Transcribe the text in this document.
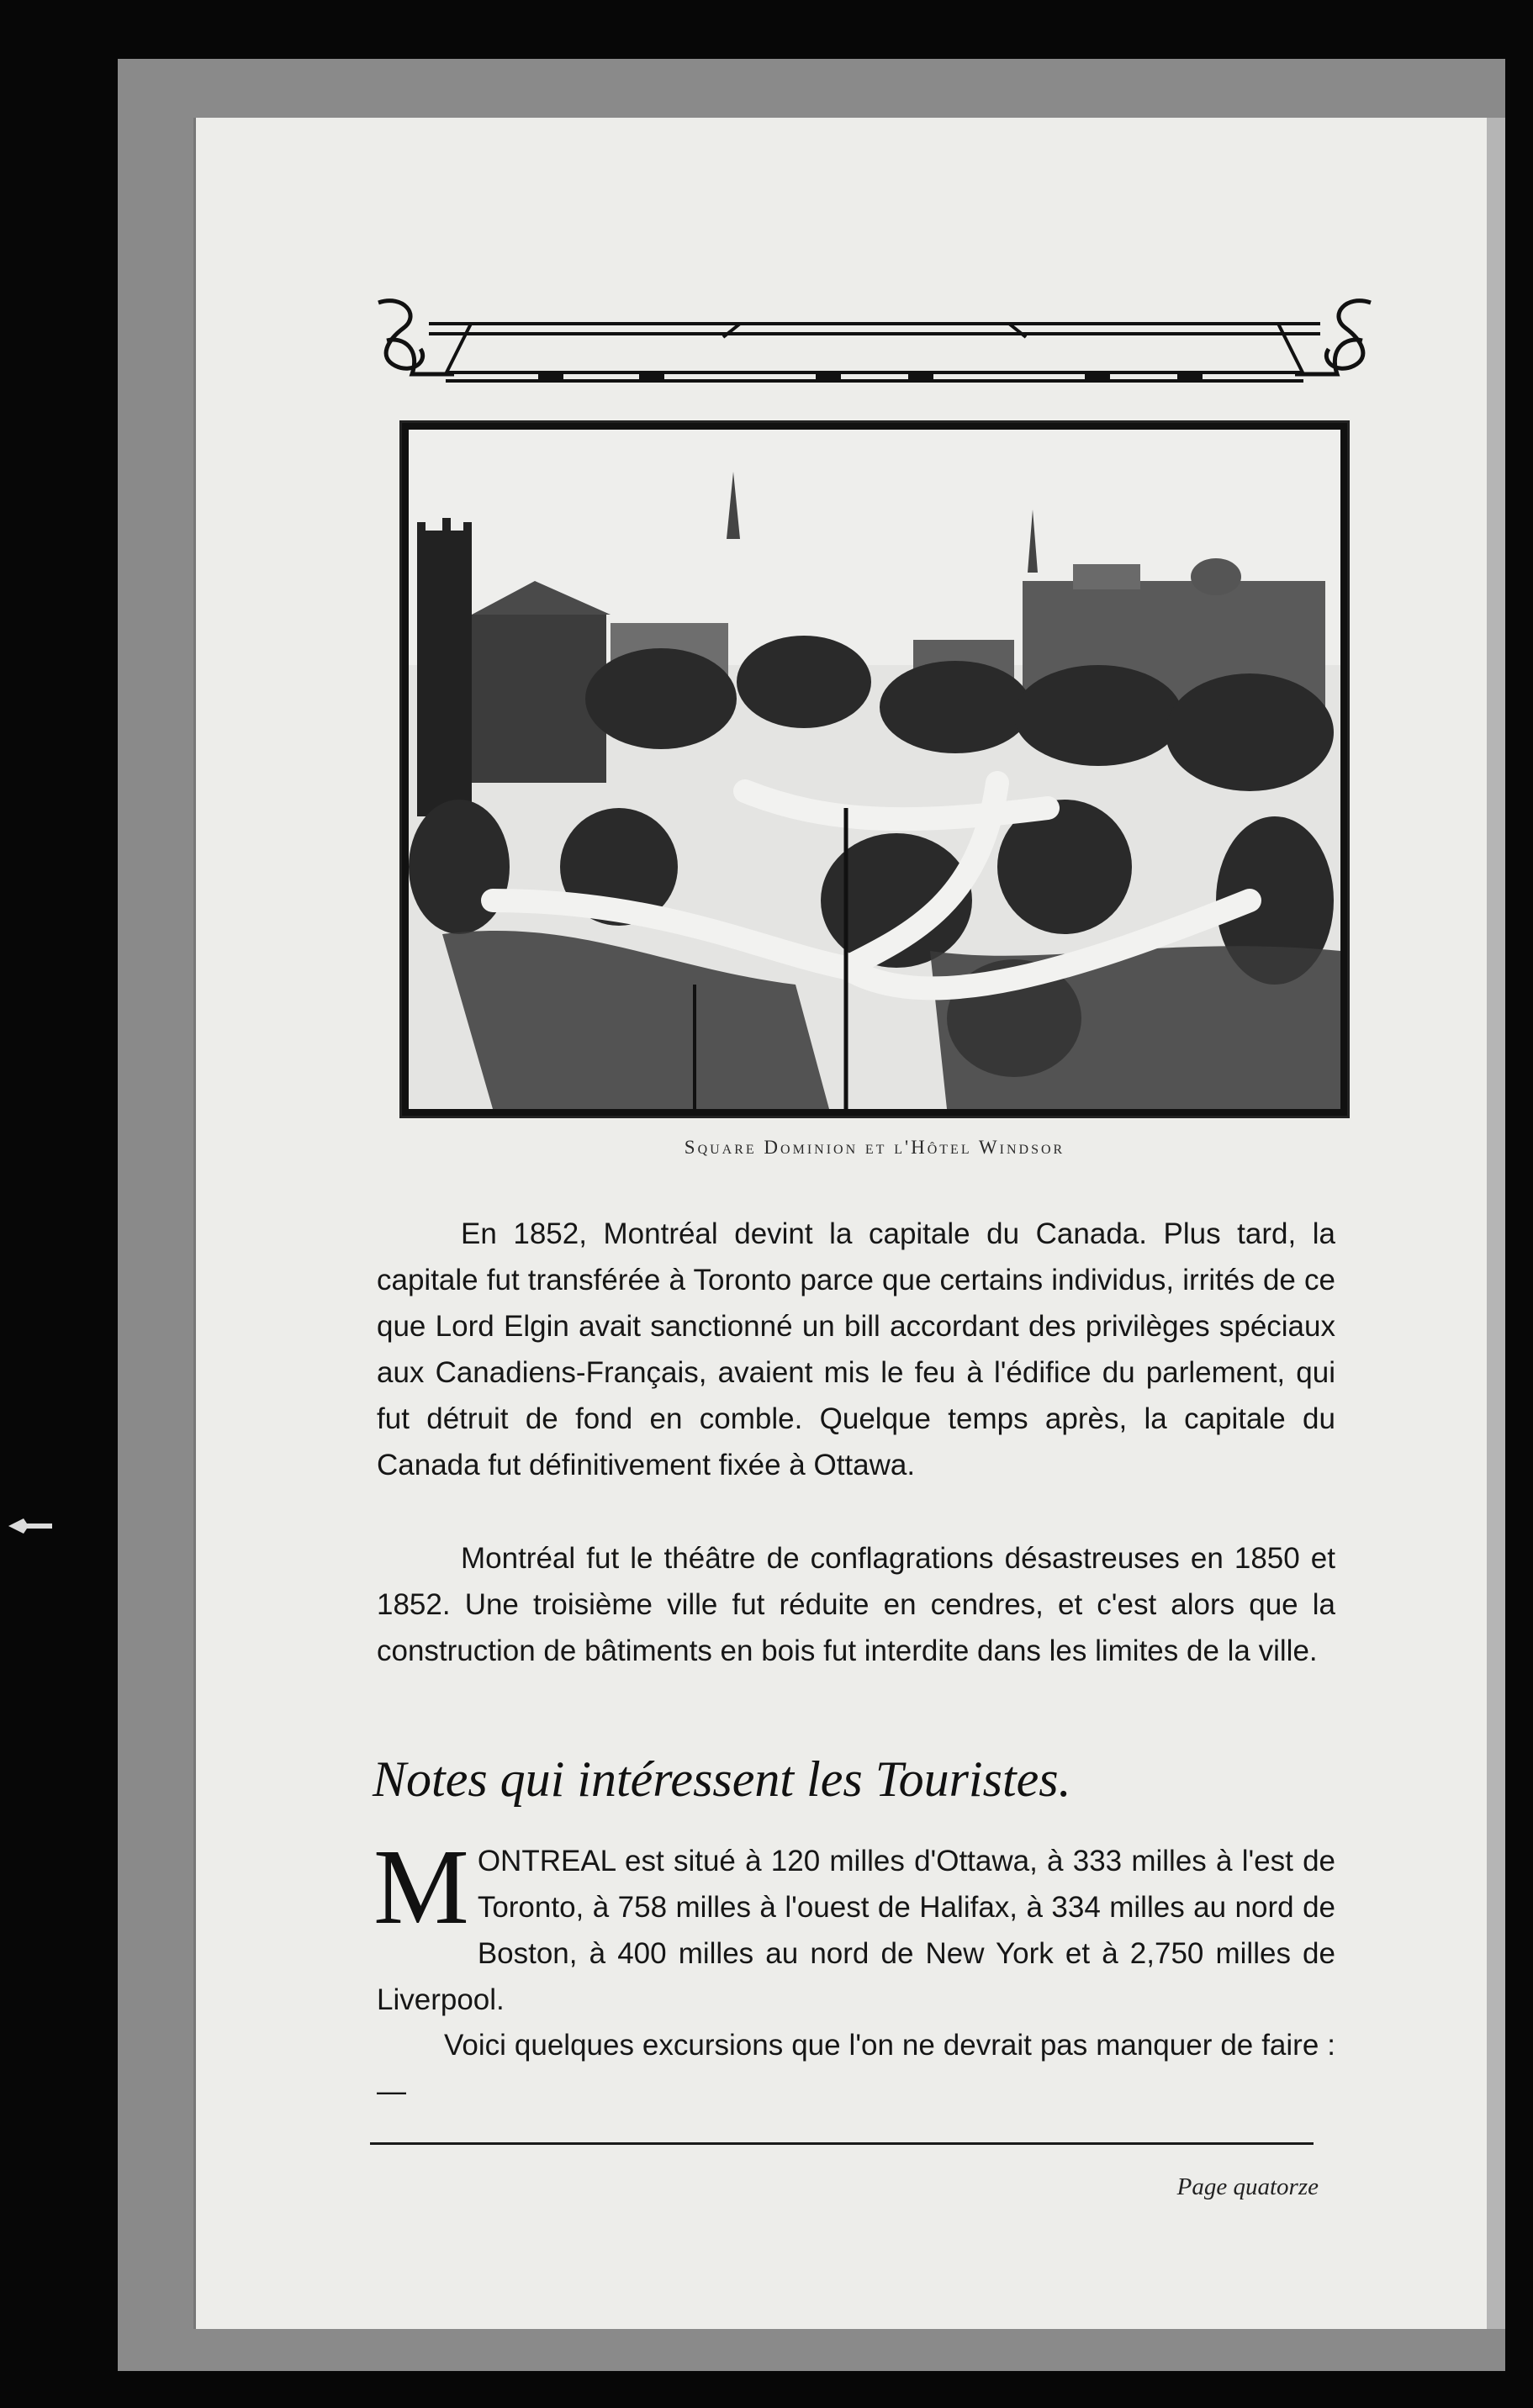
Square Dominion et l'Hôtel Windsor

En 1852, Montréal devint la capitale du Canada. Plus tard, la capitale fut transférée à Toronto parce que certains individus, irrités de ce que Lord Elgin avait sanctionné un bill accordant des privilèges spéciaux aux Canadiens-Français, avaient mis le feu à l'édifice du parlement, qui fut détruit de fond en comble. Quelque temps après, la capitale du Canada fut définitivement fixée à Ottawa.

Montréal fut le théâtre de conflagrations désastreuses en 1850 et 1852. Une troisième ville fut réduite en cendres, et c'est alors que la construction de bâtiments en bois fut interdite dans les limites de la ville.

Notes qui intéressent les Touristes.

MONTREAL est situé à 120 milles d'Ottawa, à 333 milles à l'est de Toronto, à 758 milles à l'ouest de Halifax, à 334 milles au nord de Boston, à 400 milles au nord de New York et à 2,750 milles de Liverpool.

Voici quelques excursions que l'on ne devrait pas manquer de faire :—

Page quatorze
